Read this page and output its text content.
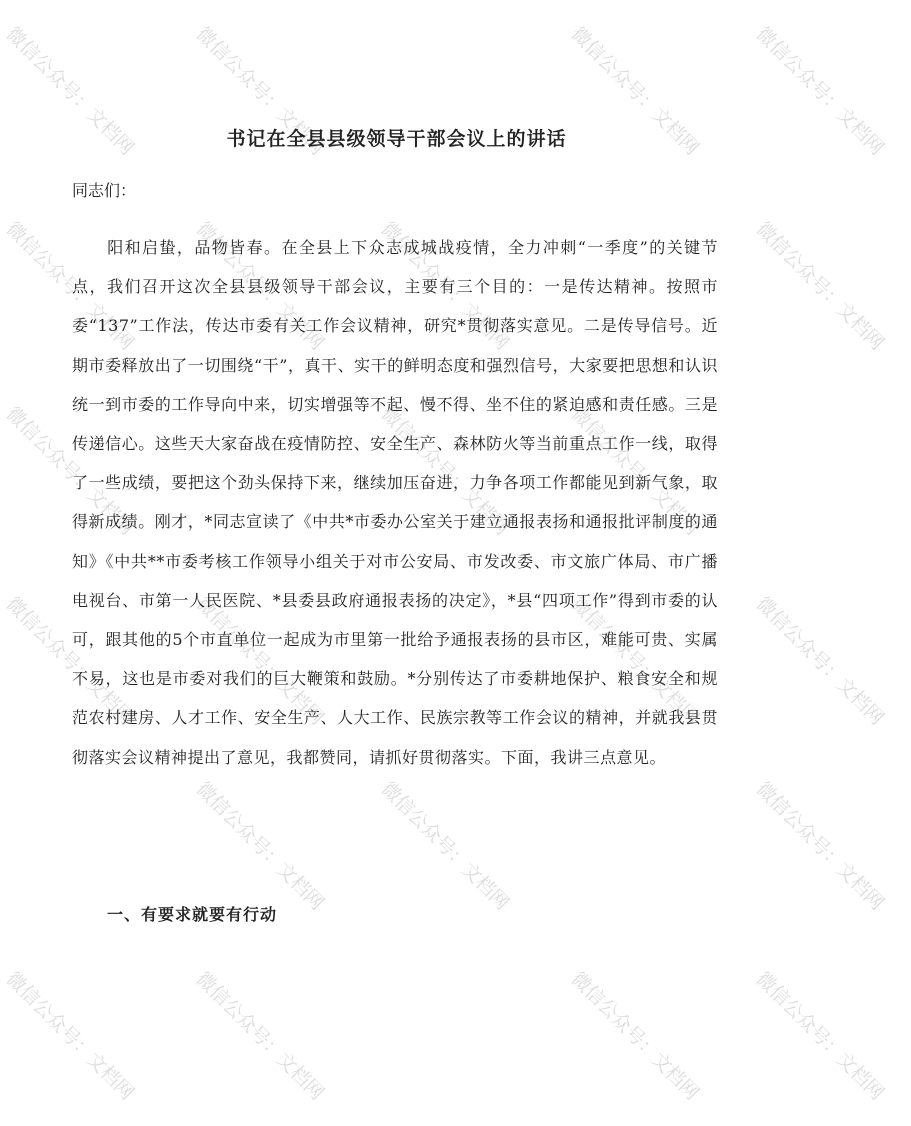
微信公众号：文档网	微信公众号：文档网	微信公众号：文档网	微信公众号：文档网
微信公众号：文档网	微信公众号：文档网	微信公众号：文档网	微信公众号：文档网
微信公众号：文档网	微信公众号：文档网	微信公众号：文档网
微信公众号：文档网	微信公众号：文档网	微信公众号：文档网	微信公众号：文档网
微信公众号：文档网	微信公众号：文档网	微信公众号：文档网
微信公众号：文档网	微信公众号：文档网	微信公众号：文档网	微信公众号：文档网
书记在全县县级领导干部会议上的讲话

同志们：

阳和启蛰，品物皆春。在全县上下众志成城战疫情，全力冲刺“一季度”的关键节点，我们召开这次全县县级领导干部会议，主要有三个目的：一是传达精神。按照市委“137”工作法，传达市委有关工作会议精神，研究*贯彻落实意见。二是传导信号。近期市委释放出了一切围绕“干”，真干、实干的鲜明态度和强烈信号，大家要把思想和认识统一到市委的工作导向中来，切实增强等不起、慢不得、坐不住的紧迫感和责任感。三是传递信心。这些天大家奋战在疫情防控、安全生产、森林防火等当前重点工作一线，取得了一些成绩，要把这个劲头保持下来，继续加压奋进，力争各项工作都能见到新气象，取得新成绩。刚才，*同志宣读了《中共*市委办公室关于建立通报表扬和通报批评制度的通知》《中共**市委考核工作领导小组关于对市公安局、市发改委、市文旅广体局、市广播电视台、市第一人民医院、*县委县政府通报表扬的决定》，*县“四项工作”得到市委的认可，跟其他的5个市直单位一起成为市里第一批给予通报表扬的县市区，难能可贵、实属不易，这也是市委对我们的巨大鞭策和鼓励。*分别传达了市委耕地保护、粮食安全和规范农村建房、人才工作、安全生产、人大工作、民族宗教等工作会议的精神，并就我县贯彻落实会议精神提出了意见，我都赞同，请抓好贯彻落实。下面，我讲三点意见。

一、有要求就要有行动
